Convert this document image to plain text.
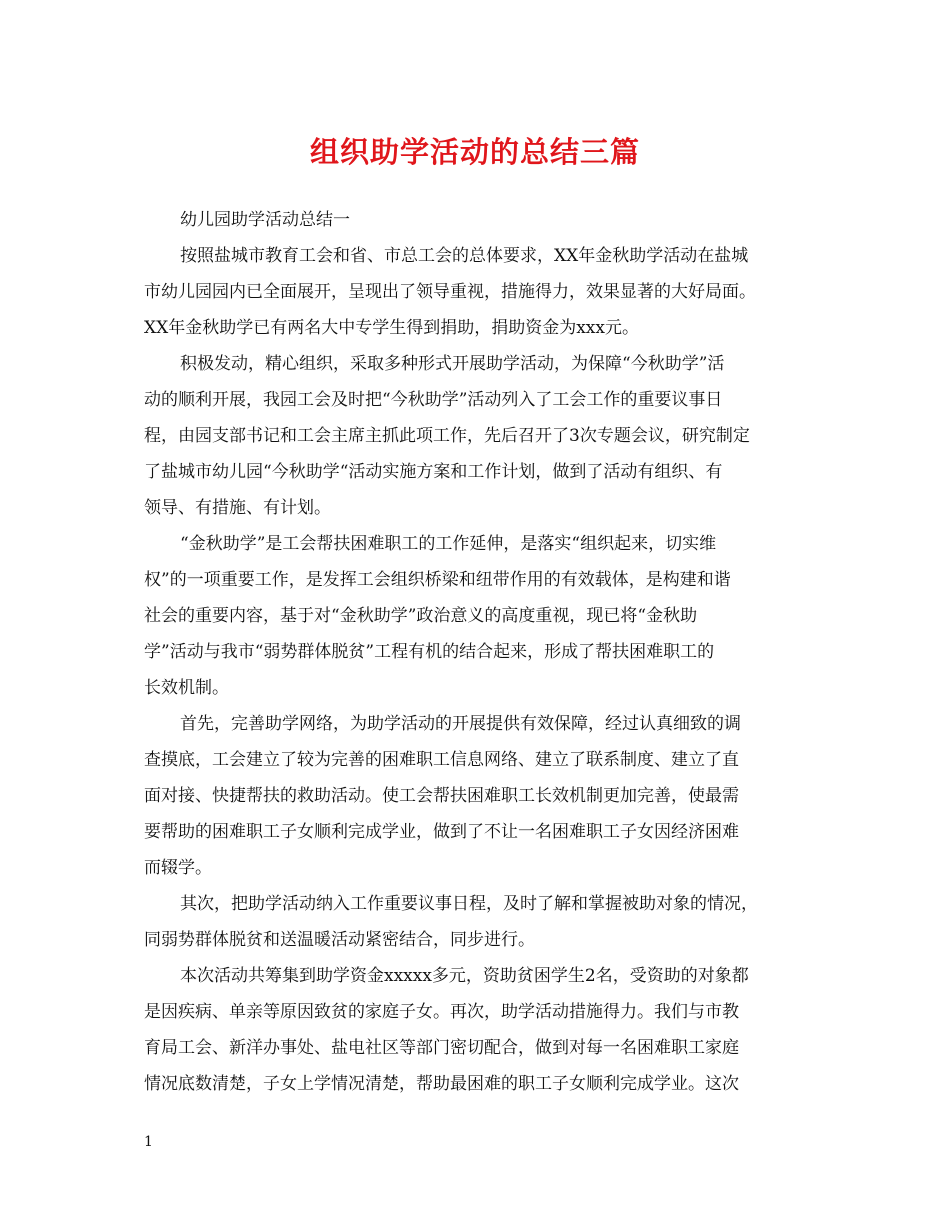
组织助学活动的总结三篇
幼儿园助学活动总结一
按照盐城市教育工会和省、市总工会的总体要求，XX年金秋助学活动在盐城
市幼儿园园内已全面展开，呈现出了领导重视，措施得力，效果显著的大好局面。
XX年金秋助学已有两名大中专学生得到捐助，捐助资金为xxx元。
积极发动，精心组织，采取多种形式开展助学活动，为保障“今秋助学”活
动的顺利开展，我园工会及时把“今秋助学”活动列入了工会工作的重要议事日
程，由园支部书记和工会主席主抓此项工作，先后召开了3次专题会议，研究制定
了盐城市幼儿园“今秋助学“活动实施方案和工作计划，做到了活动有组织、有
领导、有措施、有计划。
“金秋助学”是工会帮扶困难职工的工作延伸，是落实“组织起来，切实维
权”的一项重要工作，是发挥工会组织桥梁和纽带作用的有效载体，是构建和谐
社会的重要内容，基于对“金秋助学”政治意义的高度重视，现已将“金秋助
学”活动与我市“弱势群体脱贫”工程有机的结合起来，形成了帮扶困难职工的
长效机制。
首先，完善助学网络，为助学活动的开展提供有效保障，经过认真细致的调
查摸底，工会建立了较为完善的困难职工信息网络、建立了联系制度、建立了直
面对接、快捷帮扶的救助活动。使工会帮扶困难职工长效机制更加完善，使最需
要帮助的困难职工子女顺利完成学业，做到了不让一名困难职工子女因经济困难
而辍学。
其次，把助学活动纳入工作重要议事日程，及时了解和掌握被助对象的情况，
同弱势群体脱贫和送温暖活动紧密结合，同步进行。
本次活动共筹集到助学资金xxxxx多元，资助贫困学生2名，受资助的对象都
是因疾病、单亲等原因致贫的家庭子女。再次，助学活动措施得力。我们与市教
育局工会、新洋办事处、盐电社区等部门密切配合，做到对每一名困难职工家庭
情况底数清楚，子女上学情况清楚，帮助最困难的职工子女顺利完成学业。这次
1
